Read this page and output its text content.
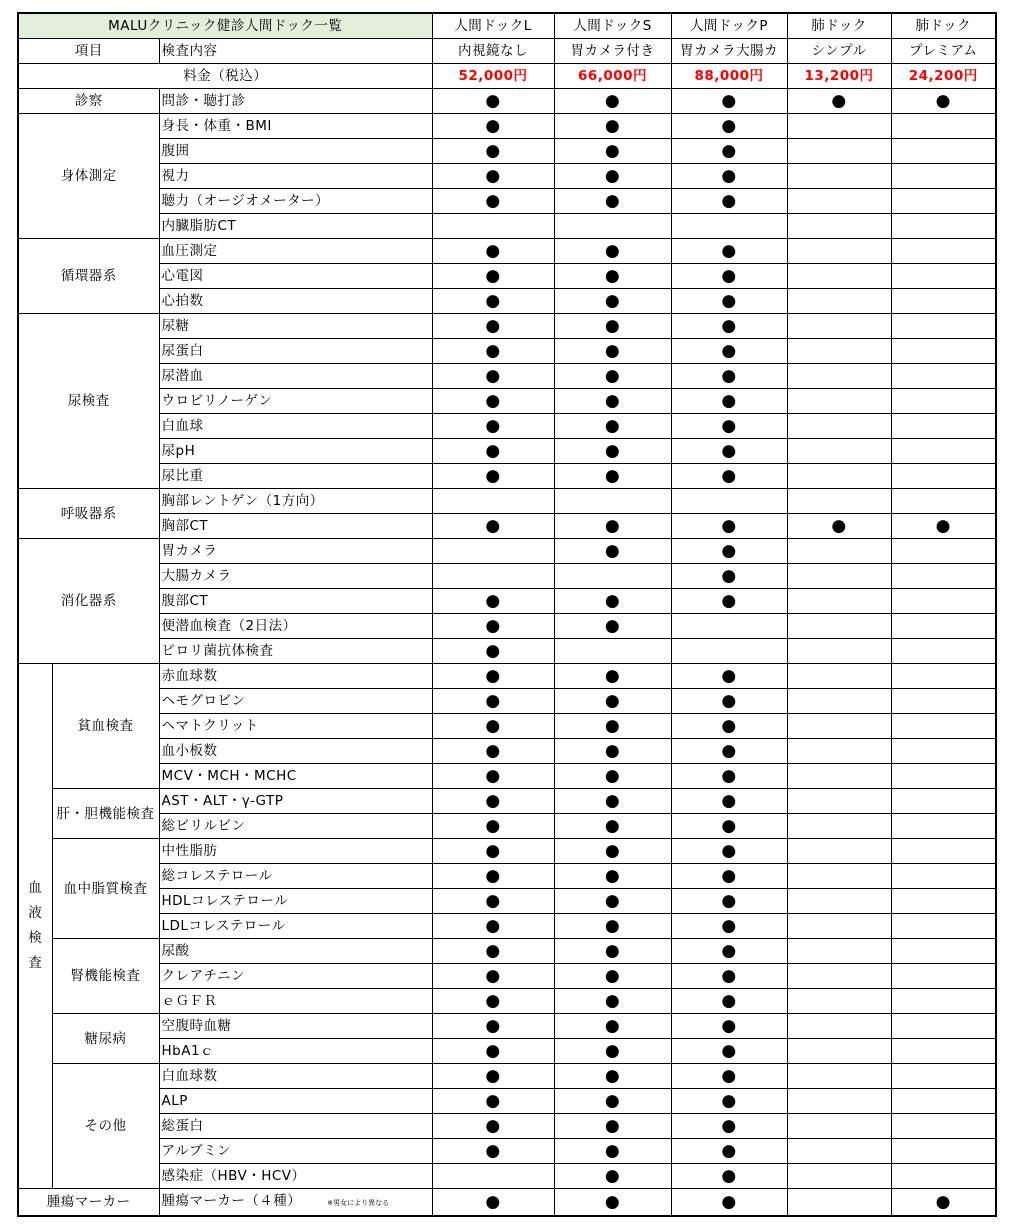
MALUクリニック健診人間ドック一覧			人間ドックL	人間ドックS	人間ドックP	肺ドック	肺ドック
項目		検査内容	内視鏡なし	胃カメラ付き	胃カメラ大腸カ	シンプル	プレミアム
料金（税込）			52,000円	66,000円	88,000円	13,200円	24,200円
診察		問診・聴打診	●	●	●	●	●
身体測定		身長・体重・BMI	●	●	●		
		腹囲	●	●	●		
		視力	●	●	●		
		聴力（オージオメーター）	●	●	●		
		内臓脂肪CT					
循環器系		血圧測定	●	●	●		
		心電図	●	●	●		
		心拍数	●	●	●		
尿検査		尿糖	●	●	●		
		尿蛋白	●	●	●		
		尿潜血	●	●	●		
		ウロビリノーゲン	●	●	●		
		白血球	●	●	●		
		尿pH	●	●	●		
		尿比重	●	●	●		
呼吸器系		胸部レントゲン（1方向）					
		胸部CT	●	●	●	●	●
消化器系		胃カメラ		●	●		
		大腸カメラ			●		
		腹部CT	●	●	●		
		便潜血検査（2日法）	●	●			
		ピロリ菌抗体検査	●				

血
液
検
査	貧血検査	赤血球数	●	●	●		
		ヘモグロビン	●	●	●		
		ヘマトクリット	●	●	●		
		血小板数	●	●	●		
		MCV・MCH・MCHC	●	●	●		
	肝・胆機能検査	AST・ALT・γ-GTP	●	●	●		
		総ビリルビン	●	●	●		
	血中脂質検査	中性脂肪	●	●	●		
		総コレステロール	●	●	●		
		HDLコレステロール	●	●	●		
		LDLコレステロール	●	●	●		
	腎機能検査	尿酸	●	●	●		
		クレアチニン	●	●	●		
		ｅＧＦＲ	●	●	●		
	糖尿病	空腹時血糖	●	●	●		
		HbA1ｃ	●	●	●		
	その他	白血球数	●	●	●		
		ALP	●	●	●		
		総蛋白	●	●	●		
		アルブミン	●	●	●		
		感染症（HBV・HCV）		●	●		
腫瘍マーカー		腫瘍マーカー（４種） ※男女により異なる	●	●	●		●
